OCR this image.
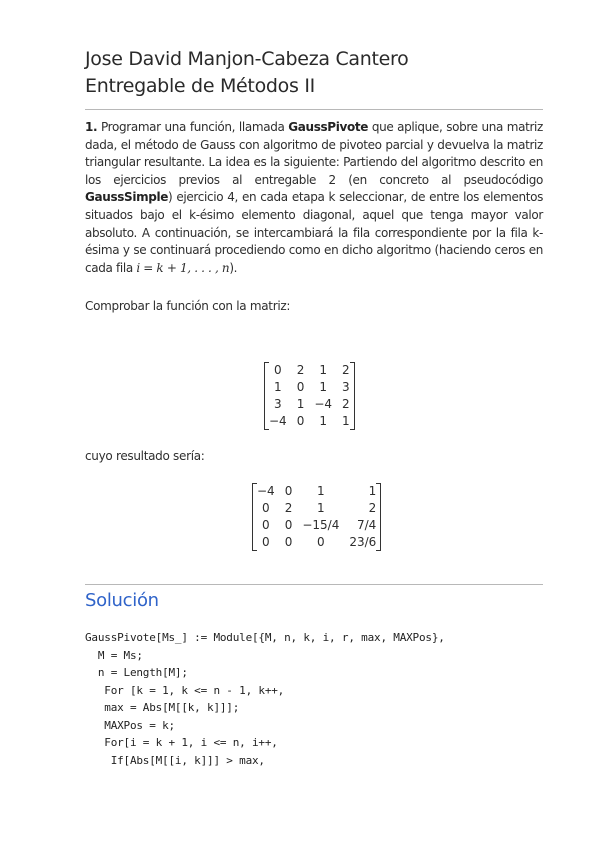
Jose David Manjon-Cabeza Cantero
Entregable de Métodos II
1. Programar una función, llamada GaussPivote que aplique, sobre una matriz dada, el método de Gauss con algoritmo de pivoteo parcial y devuelva la matriz triangular resultante. La idea es la siguiente: Partiendo del algoritmo descrito en los ejercicios previos al entregable 2 (en concreto al pseudocódigo GaussSimple) ejercicio 4, en cada etapa k seleccionar, de entre los elementos situados bajo el k-ésimo elemento diagonal, aquel que tenga mayor valor absoluto. A continuación, se intercambiará la fila correspondiente por la fila k-ésima y se continuará procediendo como en dicho algoritmo (haciendo ceros en cada fila i = k + 1, . . . , n).
Comprobar la función con la matriz:
0	2	1	2
1	0	1	3
3	1	−4	2
−4	0	1	1
cuyo resultado sería:
−4	0	1	1
0	2	1	2
0	0	−15/4	7/4
0	0	0	23/6
Solución
GaussPivote[Ms_] := Module[{M, n, k, i, r, max, MAXPos},
M = Ms;
n = Length[M];
For [k = 1, k <= n - 1, k++,
max = Abs[M[[k, k]]];
MAXPos = k;
For[i = k + 1, i <= n, i++,
If[Abs[M[[i, k]]] > max,
